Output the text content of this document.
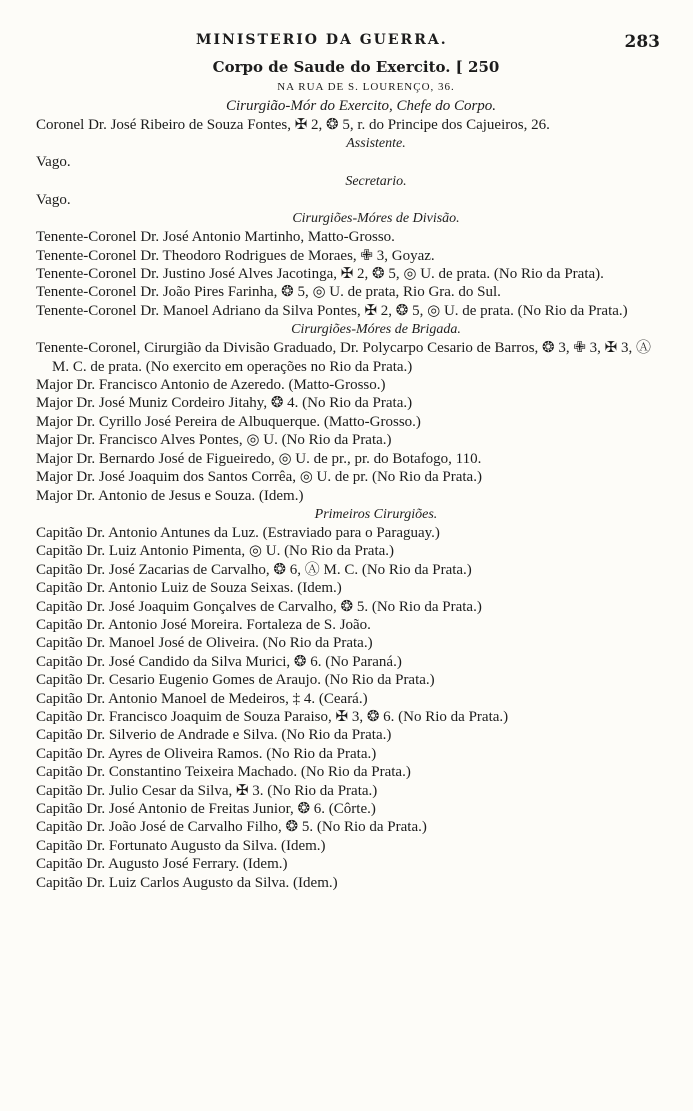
MINISTERIO DA GUERRA.	283
Corpo de Saude do Exercito. [ 250
NA RUA DE S. LOURENÇO, 36.
Cirurgião-Mór do Exercito, Chefe do Corpo.
Coronel Dr. José Ribeiro de Souza Fontes, ✠ 2, ❂ 5, r. do Principe dos Cajueiros, 26.
Assistente.
Vago.
Secretario.
Vago.
Cirurgiões-Móres de Divisão.
Tenente-Coronel Dr. José Antonio Martinho, Matto-Grosso.
Tenente-Coronel Dr. Theodoro Rodrigues de Moraes, ✙ 3, Goyaz.
Tenente-Coronel Dr. Justino José Alves Jacotinga, ✠ 2, ❂ 5, ◎ U. de prata. (No Rio da Prata).
Tenente-Coronel Dr. João Pires Farinha, ❂ 5, ◎ U. de prata, Rio Gra. do Sul.
Tenente-Coronel Dr. Manoel Adriano da Silva Pontes, ✠ 2, ❂ 5, ◎ U. de prata. (No Rio da Prata.)
Cirurgiões-Móres de Brigada.
Tenente-Coronel, Cirurgião da Divisão Graduado, Dr. Polycarpo Cesario de Barros, ❂ 3, ✙ 3, ✠ 3, Ⓐ M. C. de prata. (No exercito em operações no Rio da Prata.)
Major Dr. Francisco Antonio de Azeredo. (Matto-Grosso.)
Major Dr. José Muniz Cordeiro Jitahy, ❂ 4. (No Rio da Prata.)
Major Dr. Cyrillo José Pereira de Albuquerque. (Matto-Grosso.)
Major Dr. Francisco Alves Pontes, ◎ U. (No Rio da Prata.)
Major Dr. Bernardo José de Figueiredo, ◎ U. de pr., pr. do Botafogo, 110.
Major Dr. José Joaquim dos Santos Corrêa, ◎ U. de pr. (No Rio da Prata.)
Major Dr. Antonio de Jesus e Souza. (Idem.)
Primeiros Cirurgiões.
Capitão Dr. Antonio Antunes da Luz. (Estraviado para o Paraguay.)
Capitão Dr. Luiz Antonio Pimenta, ◎ U. (No Rio da Prata.)
Capitão Dr. José Zacarias de Carvalho, ❂ 6, Ⓐ M. C. (No Rio da Prata.)
Capitão Dr. Antonio Luiz de Souza Seixas. (Idem.)
Capitão Dr. José Joaquim Gonçalves de Carvalho, ❂ 5. (No Rio da Prata.)
Capitão Dr. Antonio José Moreira. Fortaleza de S. João.
Capitão Dr. Manoel José de Oliveira. (No Rio da Prata.)
Capitão Dr. José Candido da Silva Murici, ❂ 6. (No Paraná.)
Capitão Dr. Cesario Eugenio Gomes de Araujo. (No Rio da Prata.)
Capitão Dr. Antonio Manoel de Medeiros, ‡ 4. (Ceará.)
Capitão Dr. Francisco Joaquim de Souza Paraiso, ✠ 3, ❂ 6. (No Rio da Prata.)
Capitão Dr. Silverio de Andrade e Silva. (No Rio da Prata.)
Capitão Dr. Ayres de Oliveira Ramos. (No Rio da Prata.)
Capitão Dr. Constantino Teixeira Machado. (No Rio da Prata.)
Capitão Dr. Julio Cesar da Silva, ✠ 3. (No Rio da Prata.)
Capitão Dr. José Antonio de Freitas Junior, ❂ 6. (Côrte.)
Capitão Dr. João José de Carvalho Filho, ❂ 5. (No Rio da Prata.)
Capitão Dr. Fortunato Augusto da Silva. (Idem.)
Capitão Dr. Augusto José Ferrary. (Idem.)
Capitão Dr. Luiz Carlos Augusto da Silva. (Idem.)
